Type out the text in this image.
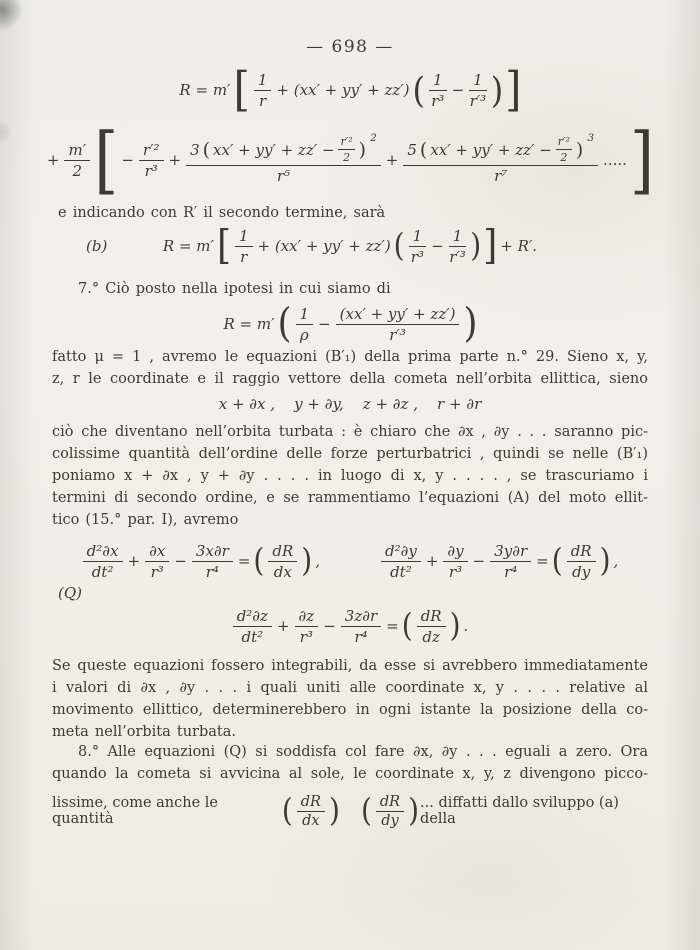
— 698 —
R = m′ [ $\frac{1}{r} + (xx' + yy' + zz')$ ( $\frac{1}{\text{r³}} - \frac{1}{\text{r′³}}$ ) ]
+ $\frac{m'}{2}$ [ − $\frac{\text{r′²}}{\text{r³}}$ +
3 ( $xx' + yy' + zz' - \frac{\text{r′²}}{2}$ )
2
r⁵
+
5 ( $xx' + yy' + zz' - \frac{\text{r′²}}{2}$ )
3
r⁷
..... ]
e indicando con R′ il secondo termine, sarà
(b)	R = m′ [ $\frac{1}{r} + (xx' + yy' + zz')$ ( $\frac{1}{\text{r³}} - \frac{1}{\text{r′³}}$ ) ] + R′.
7.° Ciò posto nella ipotesi in cui siamo di
R = m′ ( $\frac{1}{\rho} - \frac{(xx' + yy' + zz')}{\text{r′³}}$ )
fatto μ = 1 , avremo le equazioni (B′₁) della prima parte n.° 29. Sieno x, y,
z, r le coordinate e il raggio vettore della cometa nell’orbita ellittica, sieno
x + ∂x ,    y + ∂y,    z + ∂z ,    r + ∂r
ciò che diventano nell’orbita turbata : è chiaro che ∂x , ∂y . . . saranno pic-
colissime quantità dell’ordine delle forze perturbatrici , quindi se nelle (B′₁)
poniamo x + ∂x , y + ∂y . . . . in luogo di x, y . . . . , se trascuriamo i
termini di secondo ordine, e se rammentiamo l’equazioni (A) del moto ellit-
tico (15.° par. I), avremo
$\frac{\text{d²∂x}}{\text{dt²}} + \frac{\partial x}{\text{r³}} - \frac{3x\partial r}{\text{r⁴}}$ = ( $\frac{dR}{dx}$ ) ,	$\frac{\text{d²∂y}}{\text{dt²}} + \frac{\partial y}{\text{r³}} - \frac{3y\partial r}{\text{r⁴}}$ = ( $\frac{dR}{dy}$ ) ,
(Q)
$\frac{\text{d²∂z}}{\text{dt²}} + \frac{\partial z}{\text{r³}} - \frac{3z\partial r}{\text{r⁴}}$ = ( $\frac{dR}{dz}$ ) .
Se queste equazioni fossero integrabili, da esse si avrebbero immediatamente
i valori di ∂x , ∂y . . . i quali uniti alle coordinate x, y . . . . relative al
movimento ellittico, determinerebbero in ogni istante la posizione della co-
meta nell’orbita turbata.
8.° Alle equazioni (Q) si soddisfa col fare ∂x, ∂y . . . eguali a zero. Ora
quando la cometa si avvicina al sole, le coordinate x, y, z divengono picco-
lissime, come anche le quantità	( $\frac{dR}{dx}$ ) ( $\frac{dR}{dy}$ ) ... diffatti dallo sviluppo (a) della
